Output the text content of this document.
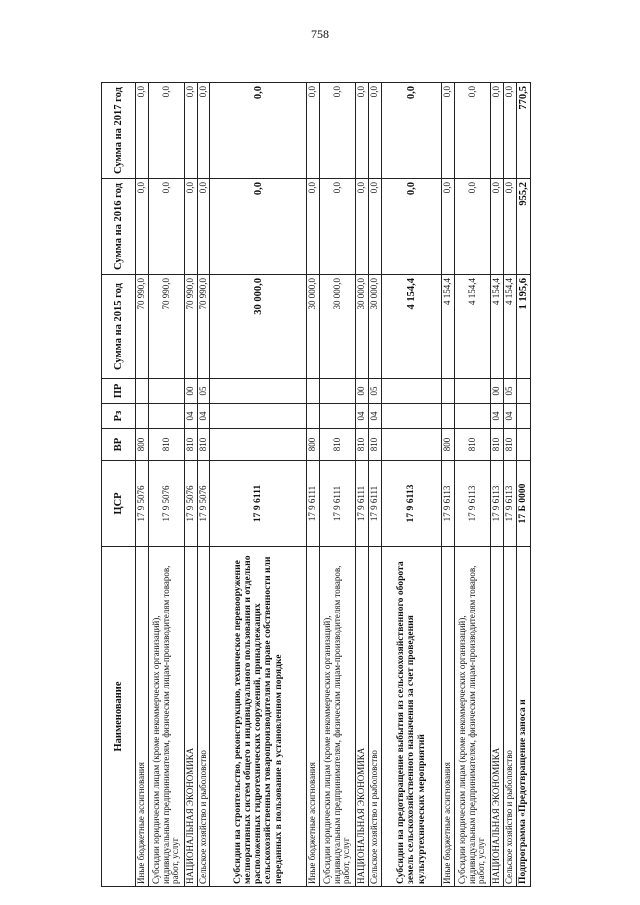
758
Наименование	ЦСР	ВР	Рз	ПР	Сумма на 2015 год	Сумма на 2016 год	Сумма на 2017 год
Иные бюджетные ассигнования	17 9 5076	800			70 990,0	0,0	0,0
Субсидии юридическим лицам (кроме некоммерческих организаций), индивидуальным предпринимателям, физическим лицам-производителям товаров, работ, услуг	17 9 5076	810			70 990,0	0,0	0,0
НАЦИОНАЛЬНАЯ ЭКОНОМИКА	17 9 5076	810	04	00	70 990,0	0,0	0,0
Сельское хозяйство и рыболовство	17 9 5076	810	04	05	70 990,0	0,0	0,0
Субсидии на строительство, реконструкцию, техническое перевооружение мелиоративных систем общего и индивидуального пользования и отдельно расположенных гидротехнических сооружений, принадлежащих сельскохозяйственным товаропроизводителям на праве собственности или переданных в пользование в установленном порядке	17 9 6111				30 000,0	0,0	0,0
Иные бюджетные ассигнования	17 9 6111	800			30 000,0	0,0	0,0
Субсидии юридическим лицам (кроме некоммерческих организаций), индивидуальным предпринимателям, физическим лицам-производителям товаров, работ, услуг	17 9 6111	810			30 000,0	0,0	0,0
НАЦИОНАЛЬНАЯ ЭКОНОМИКА	17 9 6111	810	04	00	30 000,0	0,0	0,0
Сельское хозяйство и рыболовство	17 9 6111	810	04	05	30 000,0	0,0	0,0
Субсидии на предотвращение выбытия из сельскохозяйственного оборота земель сельскохозяйственного назначения за счет проведения культуртехнических мероприятий	17 9 6113				4 154,4	0,0	0,0
Иные бюджетные ассигнования	17 9 6113	800			4 154,4	0,0	0,0
Субсидии юридическим лицам (кроме некоммерческих организаций), индивидуальным предпринимателям, физическим лицам-производителям товаров, работ, услуг	17 9 6113	810			4 154,4	0,0	0,0
НАЦИОНАЛЬНАЯ ЭКОНОМИКА	17 9 6113	810	04	00	4 154,4	0,0	0,0
Сельское хозяйство и рыболовство	17 9 6113	810	04	05	4 154,4	0,0	0,0
Подпрограмма «Предотвращение заноса и	17 Б 0000				1 195,6	955,2	770,5
